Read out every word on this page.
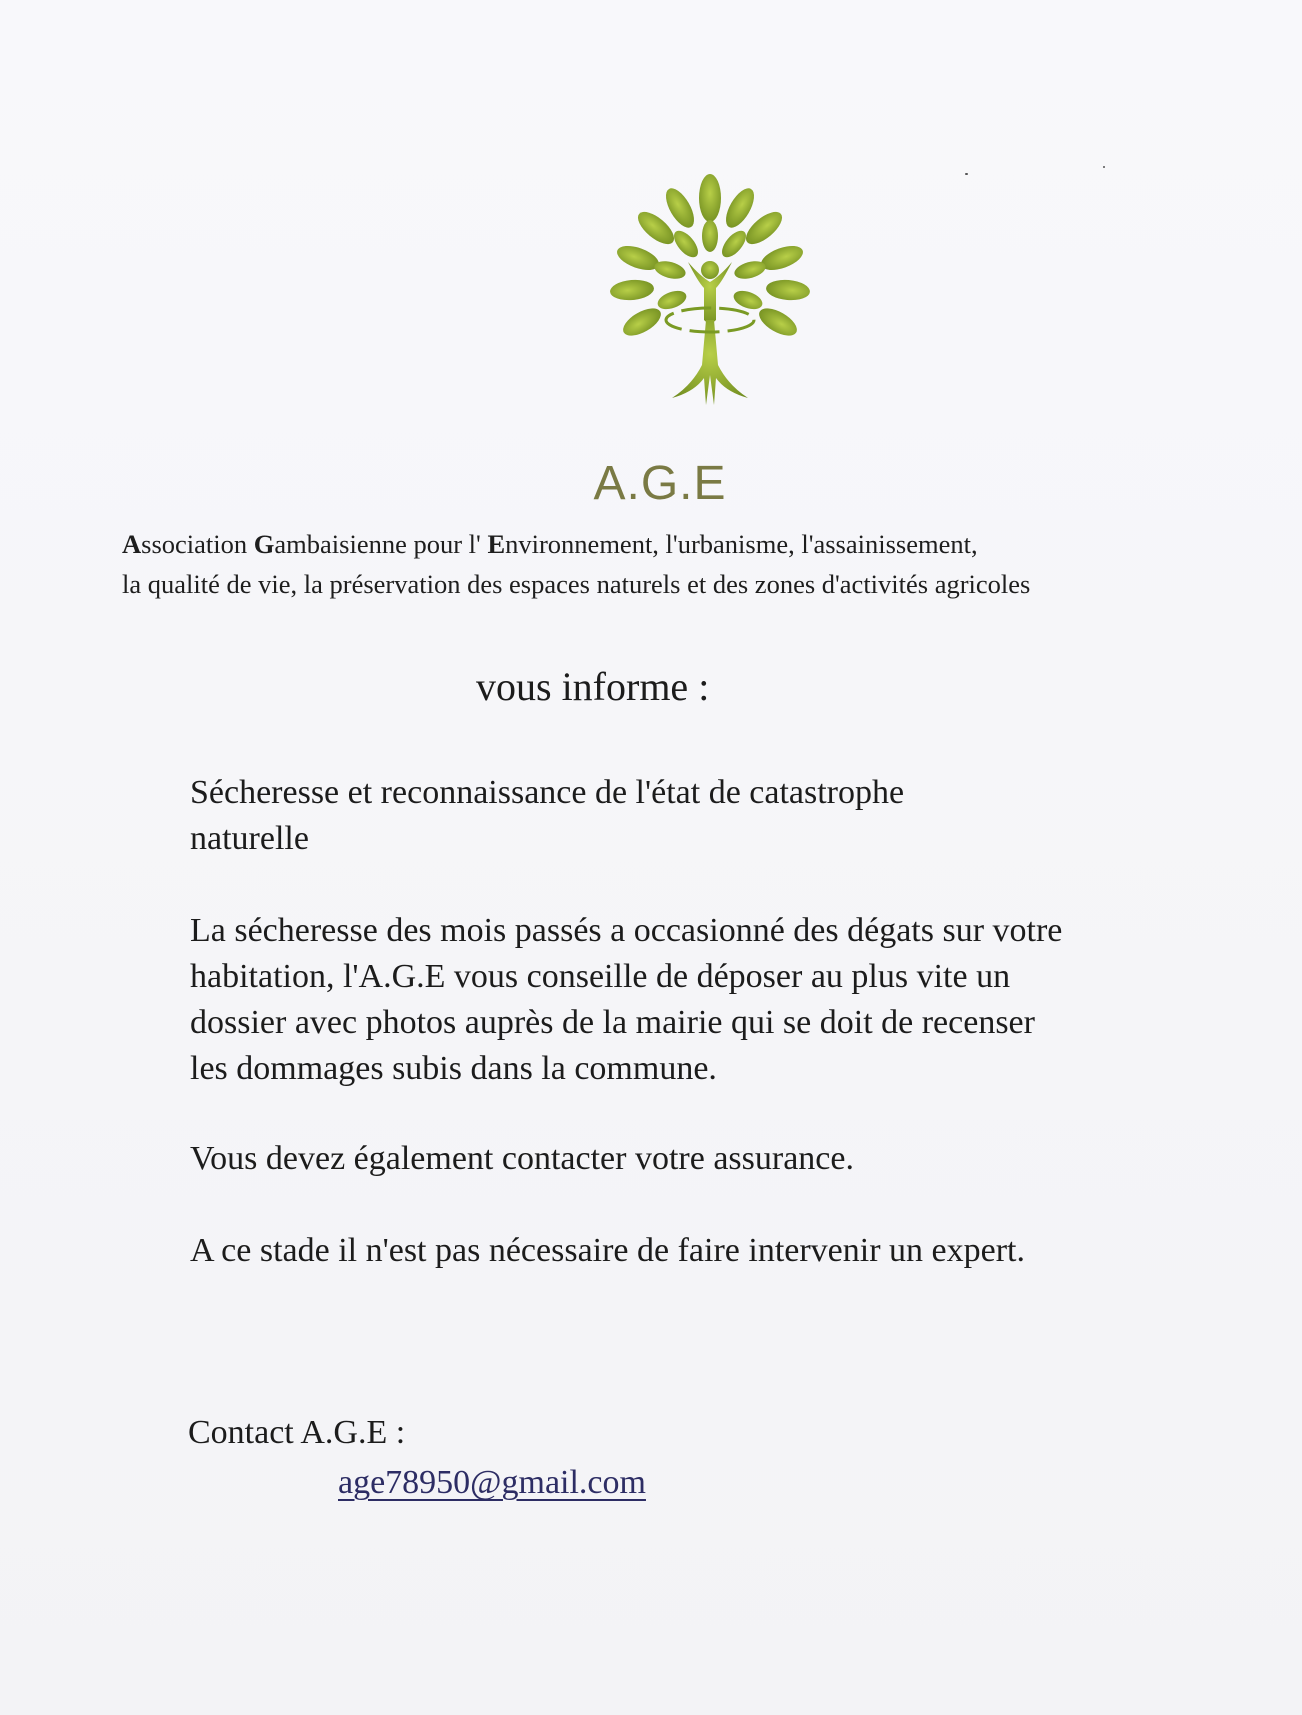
A.G.E
Association Gambaisienne pour l' Environnement, l'urbanisme, l'assainissement,
la qualité de vie, la préservation des espaces naturels et des zones d'activités agricoles
vous informe :
Sécheresse et reconnaissance de l'état de catastrophe
naturelle
La sécheresse des mois passés a occasionné des dégats sur votre
habitation, l'A.G.E vous conseille de déposer au plus vite un
dossier avec photos auprès de la mairie qui se doit de recenser
les dommages subis dans la commune.
Vous devez également contacter votre assurance.
A ce stade il n'est pas nécessaire de faire intervenir un expert.
Contact A.G.E :
age78950@gmail.com
